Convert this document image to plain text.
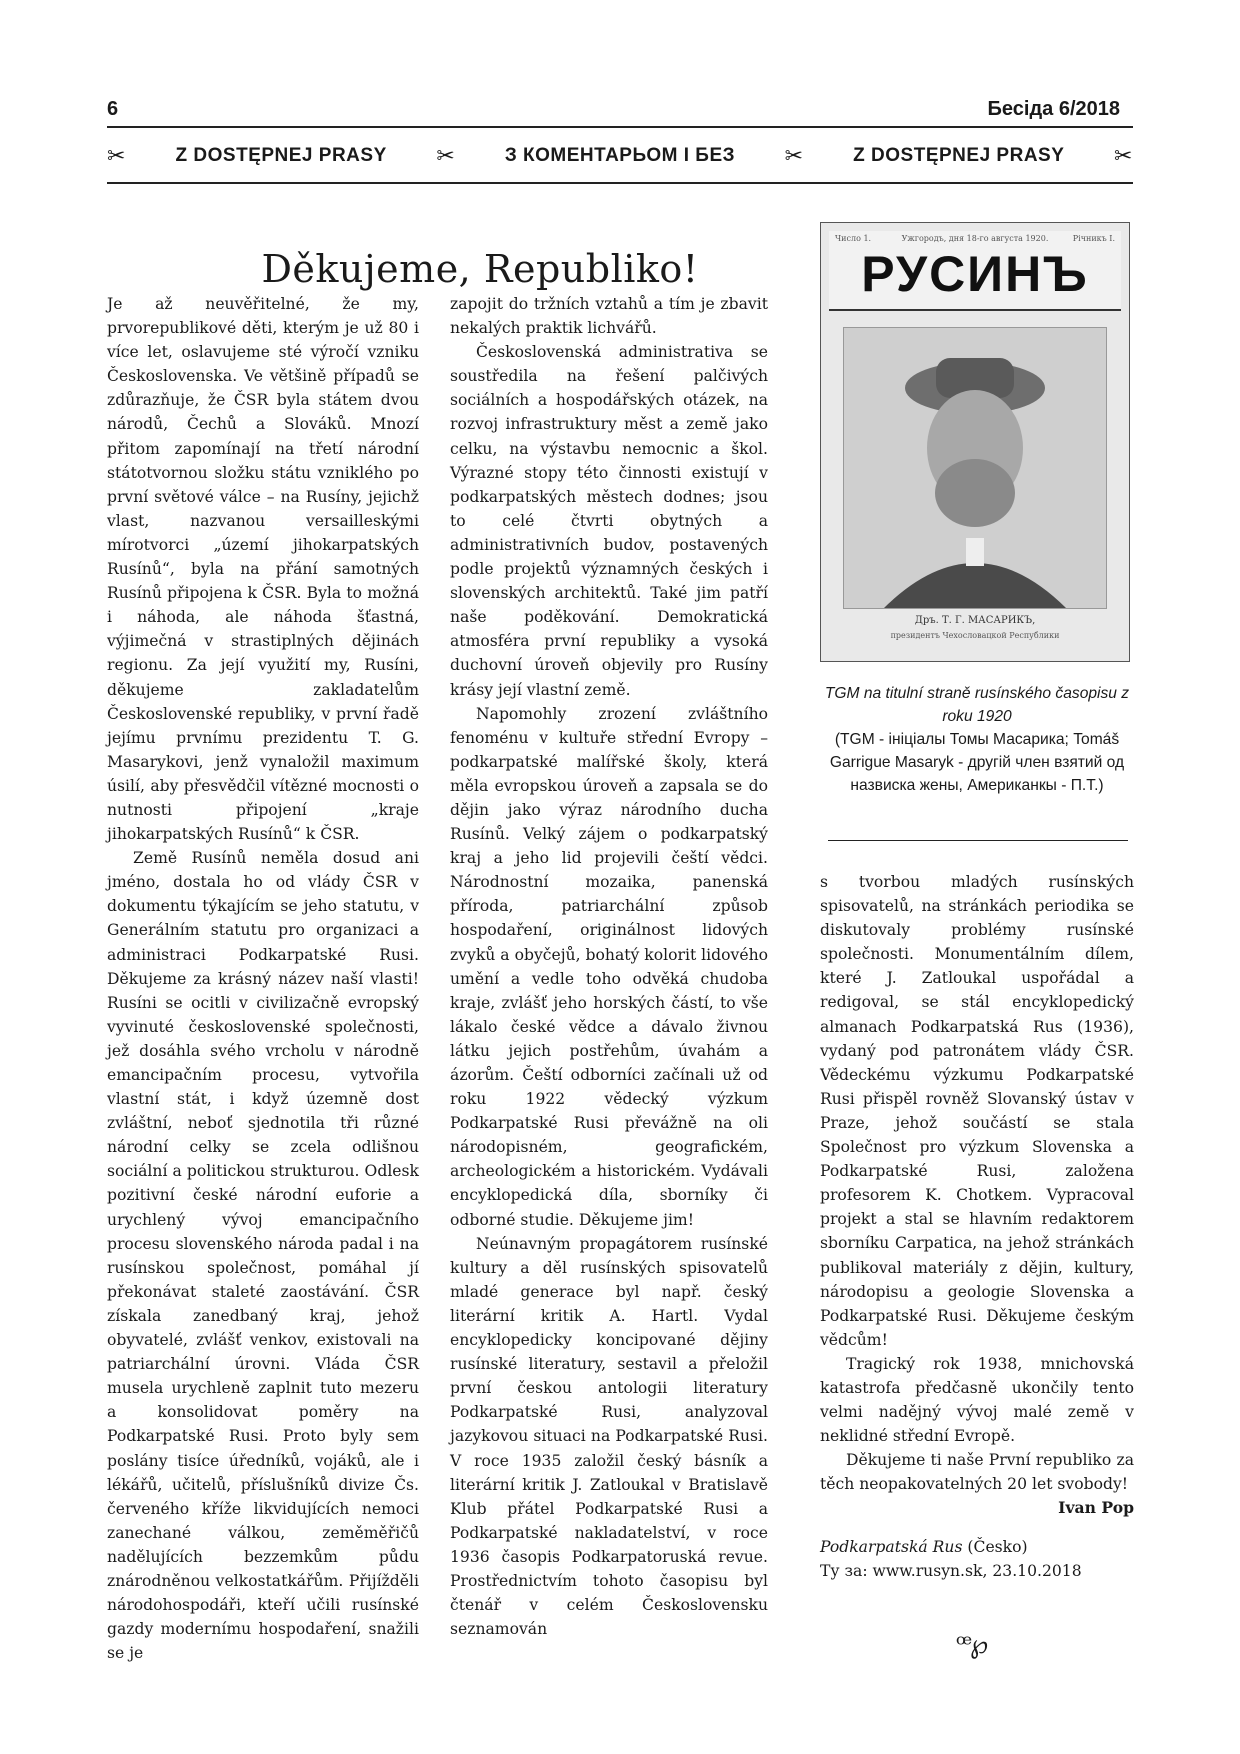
6	Бесіда 6/2018
✂	Z DOSTĘPNEJ PRASY ✂	З КОМЕНТАРЬОМ І БЕЗ ✂	Z DOSTĘPNEJ PRASY ✂
Děkujeme, Republiko!

Je až neuvěřitelné, že my, prvorepublikové děti, kterým je už 80 i více let, oslavujeme sté výročí vzniku Československa. Ve většině případů se zdůrazňuje, že ČSR byla státem dvou národů, Čechů a Slováků. Mnozí přitom zapomínají na třetí národní státotvornou složku státu vzniklého po první světové válce – na Rusíny, jejichž vlast, nazvanou versailleskými mírotvorci „území jihokarpatských Rusínů“, byla na přání samotných Rusínů připojena k ČSR. Byla to možná i náhoda, ale náhoda šťastná, výjimečná v strastiplných dějinách regionu. Za její využití my, Rusíni, děkujeme zakladatelům Československé republiky, v první řadě jejímu prvnímu prezidentu T. G. Masarykovi, jenž vynaložil maximum úsilí, aby přesvědčil vítězné mocnosti o nutnosti připojení „kraje jihokarpatských Rusínů“ k ČSR.

Země Rusínů neměla dosud ani jméno, dostala ho od vlády ČSR v dokumentu týkajícím se jeho statutu, v Generálním statutu pro organizaci a administraci Podkarpatské Rusi. Děkujeme za krásný název naší vlasti! Rusíni se ocitli v civilizačně evropský vyvinuté československé společnosti, jež dosáhla svého vrcholu v národně emancipačním procesu, vytvořila vlastní stát, i když územně dost zvláštní, neboť sjednotila tři různé národní celky se zcela odlišnou sociální a politickou strukturou. Odlesk pozitivní české národní euforie a urychlený vývoj emancipačního procesu slovenského národa padal i na rusínskou společnost, pomáhal jí překonávat staleté zaostávání. ČSR získala zanedbaný kraj, jehož obyvatelé, zvlášť venkov, existovali na patriarchální úrovni. Vláda ČSR musela urychleně zaplnit tuto mezeru a konsolidovat poměry na Podkarpatské Rusi. Proto byly sem poslány tisíce úředníků, vojáků, ale i lékářů, učitelů, příslušníků divize Čs. červeného kříže likvidujících nemoci zanechané válkou, zeměměřičů nadělujících bezzemkům půdu znárodněnou velkostatkářům. Přijížděli národohospodáři, kteří učili rusínské gazdy modernímu hospodaření, snažili se je

zapojit do tržních vztahů a tím je zbavit nekalých praktik lichvářů.

Československá administrativa se soustředila na řešení palčivých sociálních a hospodářských otázek, na rozvoj infrastruktury měst a země jako celku, na výstavbu nemocnic a škol. Výrazné stopy této činnosti existují v podkarpatských městech dodnes; jsou to celé čtvrti obytných a administrativních budov, postavených podle projektů významných českých i slovenských architektů. Také jim patří naše poděkování. Demokratická atmosféra první republiky a vysoká duchovní úroveň objevily pro Rusíny krásy její vlastní země.

Napomohly zrození zvláštního fenoménu v kultuře střední Evropy – podkarpatské malířské školy, která měla evropskou úroveň a zapsala se do dějin jako výraz národního ducha Rusínů. Velký zájem o podkarpatský kraj a jeho lid projevili čeští vědci. Národnostní mozaika, panenská příroda, patriarchální způsob hospodaření, originálnost lidových zvyků a obyčejů, bohatý kolorit lidového umění a vedle toho odvěká chudoba kraje, zvlášť jeho horských částí, to vše lákalo české vědce a dávalo živnou látku jejich postřehům, úvahám a ázorům. Čeští odborníci začínali už od roku 1922 vědecký výzkum Podkarpatské Rusi převážně na oli národopisném, geografickém, archeologickém a historickém. Vydávali encyklopedická díla, sborníky či odborné studie. Děkujeme jim!

Neúnavným propagátorem rusínské kultury a děl rusínských spisovatelů mladé generace byl např. český literární kritik A. Hartl. Vydal encyklopedicky koncipované dějiny rusínské literatury, sestavil a přeložil první českou antologii literatury Podkarpatské Rusi, analyzoval jazykovou situaci na Podkarpatské Rusi. V roce 1935 založil český básník a literární kritik J. Zatloukal v Bratislavě Klub přátel Podkarpatské Rusi a Podkarpatské nakladatelství, v roce 1936 časopis Podkarpatoruská revue. Prostřednictvím tohoto časopisu byl čtenář v celém Československu seznamován

Число 1.	Ужгородъ, дня 18-го августа 1920.	Річникъ I.
РУСИНЪ
Дръ. Т. Г. МАСАРИКЪ,
президентъ Чехословацкой Республики
TGM na titulní straně rusínského časopisu z roku 1920
(TGM - ініціалы Томы Масарика; Tomáš Garrigue Masaryk - другій член взятий од назвиска жены, Американкы - П.Т.)

s tvorbou mladých rusínských spisovatelů, na stránkách periodika se diskutovaly problémy rusínské společnosti. Monumentálním dílem, které J. Zatloukal uspořádal a redigoval, se stál encyklopedický almanach Podkarpatská Rus (1936), vydaný pod patronátem vlády ČSR. Vědeckému výzkumu Podkarpatské Rusi přispěl rovněž Slovanský ústav v Praze, jehož součástí se stala Společnost pro výzkum Slovenska a Podkarpatské Rusi, založena profesorem K. Chotkem. Vypracoval projekt a stal se hlavním redaktorem sborníku Carpatica, na jehož stránkách publikoval materiály z dějin, kultury, národopisu a geologie Slovenska a Podkarpatské Rusi. Děkujeme českým vědcům!

Tragický rok 1938, mnichovská katastrofa předčasně ukončily tento velmi nadějný vývoj malé země v neklidné střední Evropě.

Děkujeme ti naše První republiko za těch neopakovatelných 20 let svobody!

Ivan Pop
Podkarpatská Rus (Česko)
Ту за: www.rusyn.sk, 23.10.2018
ꟹ℘
